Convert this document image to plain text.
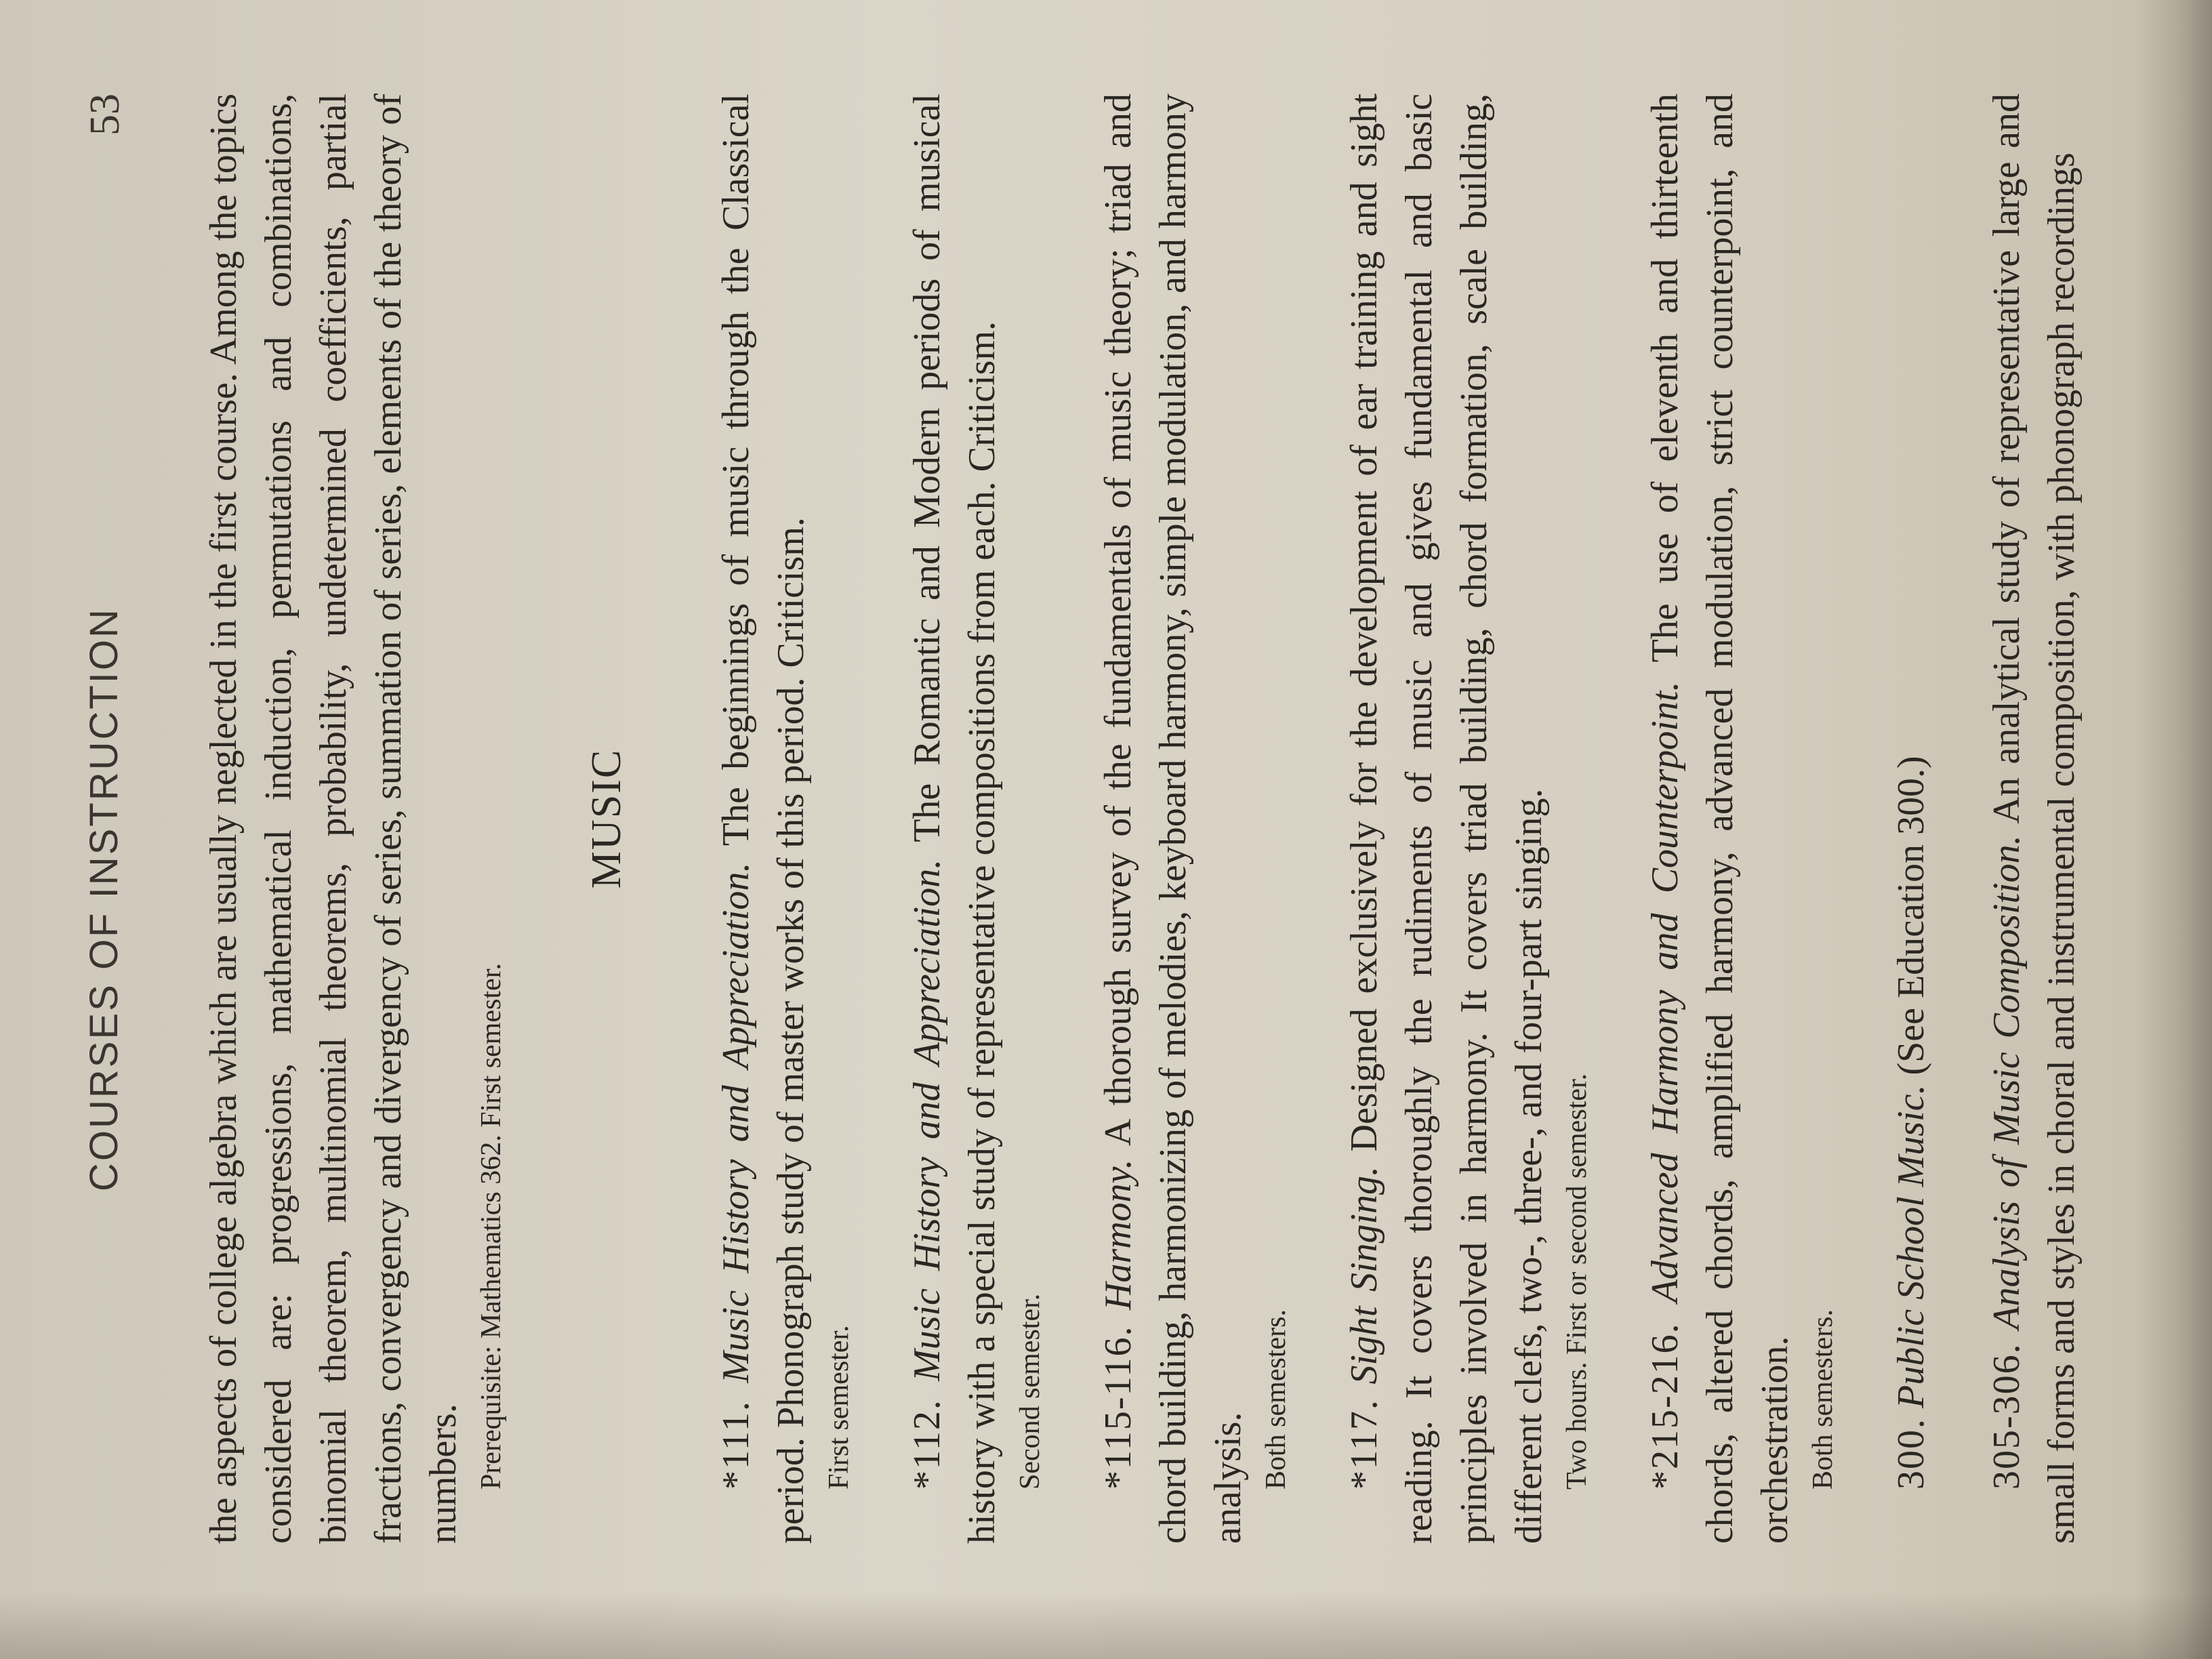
COURSES OF INSTRUCTION
53 the aspects of college algebra which are usually neglected in the first course. Among the topics considered are: progressions, mathematical induction, permutations and combinations, binomial theorem, multinomial theorems, probability, undetermined coefficients, partial fractions, convergency and divergency of series, summation of series, elements of the theory of numbers. Prerequisite: Mathematics 362. First semester.

MUSIC

*111. Music History and Appreciation. The beginnings of music through the Classical period. Phonograph study of master works of this period. Criticism. First semester. *112. Music History and Appreciation. The Romantic and Modern periods of musical history with a special study of representative compositions from each. Criticism. Second semester. *115-116. Harmony. A thorough survey of the fundamentals of music theory; triad and chord building, harmonizing of melodies, keyboard harmony, simple modulation, and harmony analysis. Both semesters. *117. Sight Singing. Designed exclusively for the development of ear training and sight reading. It covers thoroughly the rudiments of music and gives fundamental and basic principles involved in harmony. It covers triad building, chord formation, scale building, different clefs, two-, three-, and four-part singing. Two hours. First or second semester. *215-216. Advanced Harmony and Counterpoint. The use of eleventh and thirteenth chords, altered chords, amplified harmony, advanced modulation, strict counterpoint, and orchestration. Both semesters. 300. Public School Music. (See Education 300.)

305-306. Analysis of Music Composition. An analytical study of representative large and small forms and styles in choral and instrumental composition, with phonograph recordings
